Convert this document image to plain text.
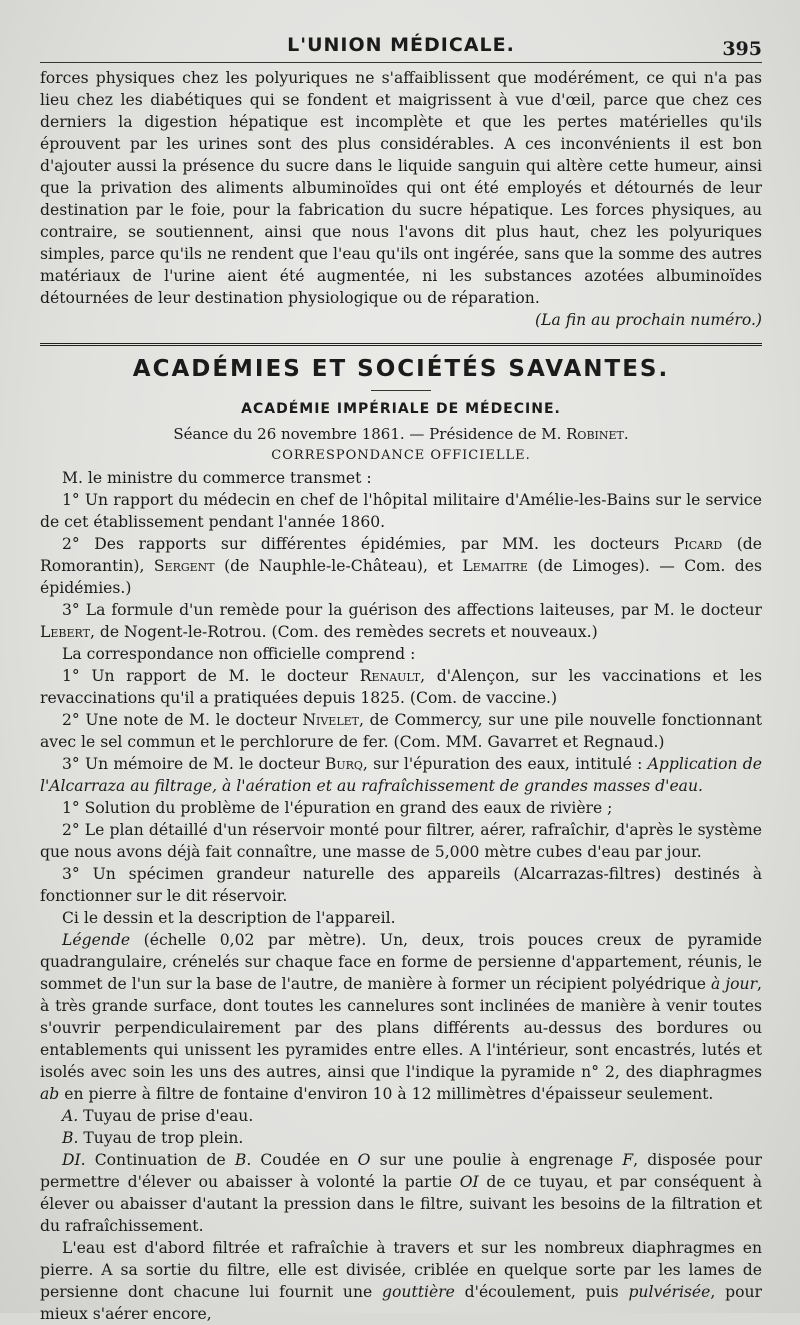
L'UNION MÉDICALE.	395

forces physiques chez les polyuriques ne s'affaiblissent que modérément, ce qui n'a pas lieu chez les diabétiques qui se fondent et maigrissent à vue d'œil, parce que chez ces derniers la digestion hépatique est incomplète et que les pertes matérielles qu'ils éprouvent par les urines sont des plus considérables. A ces inconvénients il est bon d'ajouter aussi la présence du sucre dans le liquide sanguin qui altère cette humeur, ainsi que la privation des aliments albuminoïdes qui ont été employés et détournés de leur destination par le foie, pour la fabrication du sucre hépatique. Les forces physiques, au contraire, se soutiennent, ainsi que nous l'avons dit plus haut, chez les polyuriques simples, parce qu'ils ne rendent que l'eau qu'ils ont ingérée, sans que la somme des autres matériaux de l'urine aient été augmentée, ni les substances azotées albuminoïdes détournées de leur destination physiologique ou de réparation.

(La fin au prochain numéro.)
ACADÉMIES ET SOCIÉTÉS SAVANTES.
ACADÉMIE IMPÉRIALE DE MÉDECINE.
Séance du 26 novembre 1861. — Présidence de M. Robinet.
CORRESPONDANCE OFFICIELLE.

M. le ministre du commerce transmet :

1° Un rapport du médecin en chef de l'hôpital militaire d'Amélie-les-Bains sur le service de cet établissement pendant l'année 1860.

2° Des rapports sur différentes épidémies, par MM. les docteurs Picard (de Romorantin), Sergent (de Nauphle-le-Château), et Lemaitre (de Limoges). — Com. des épidémies.)

3° La formule d'un remède pour la guérison des affections laiteuses, par M. le docteur Lebert, de Nogent-le-Rotrou. (Com. des remèdes secrets et nouveaux.)

La correspondance non officielle comprend :

1° Un rapport de M. le docteur Renault, d'Alençon, sur les vaccinations et les revaccinations qu'il a pratiquées depuis 1825. (Com. de vaccine.)

2° Une note de M. le docteur Nivelet, de Commercy, sur une pile nouvelle fonctionnant avec le sel commun et le perchlorure de fer. (Com. MM. Gavarret et Regnaud.)

3° Un mémoire de M. le docteur Burq, sur l'épuration des eaux, intitulé : Application de l'Alcarraza au filtrage, à l'aération et au rafraîchissement de grandes masses d'eau.

1° Solution du problème de l'épuration en grand des eaux de rivière ;

2° Le plan détaillé d'un réservoir monté pour filtrer, aérer, rafraîchir, d'après le système que nous avons déjà fait connaître, une masse de 5,000 mètre cubes d'eau par jour.

3° Un spécimen grandeur naturelle des appareils (Alcarrazas-filtres) destinés à fonctionner sur le dit réservoir.

Ci le dessin et la description de l'appareil.

Légende (échelle 0,02 par mètre). Un, deux, trois pouces creux de pyramide quadrangulaire, crénelés sur chaque face en forme de persienne d'appartement, réunis, le sommet de l'un sur la base de l'autre, de manière à former un récipient polyédrique à jour, à très grande surface, dont toutes les cannelures sont inclinées de manière à venir toutes s'ouvrir perpendiculairement par des plans différents au-dessus des bordures ou entablements qui unissent les pyramides entre elles. A l'intérieur, sont encastrés, lutés et isolés avec soin les uns des autres, ainsi que l'indique la pyramide n° 2, des diaphragmes ab en pierre à filtre de fontaine d'environ 10 à 12 millimètres d'épaisseur seulement.

A. Tuyau de prise d'eau.

B. Tuyau de trop plein.

DI. Continuation de B. Coudée en O sur une poulie à engrenage F, disposée pour permettre d'élever ou abaisser à volonté la partie OI de ce tuyau, et par conséquent à élever ou abaisser d'autant la pression dans le filtre, suivant les besoins de la filtration et du rafraîchissement.

L'eau est d'abord filtrée et rafraîchie à travers et sur les nombreux diaphragmes en pierre. A sa sortie du filtre, elle est divisée, criblée en quelque sorte par les lames de persienne dont chacune lui fournit une gouttière d'écoulement, puis pulvérisée, pour mieux s'aérer encore,
